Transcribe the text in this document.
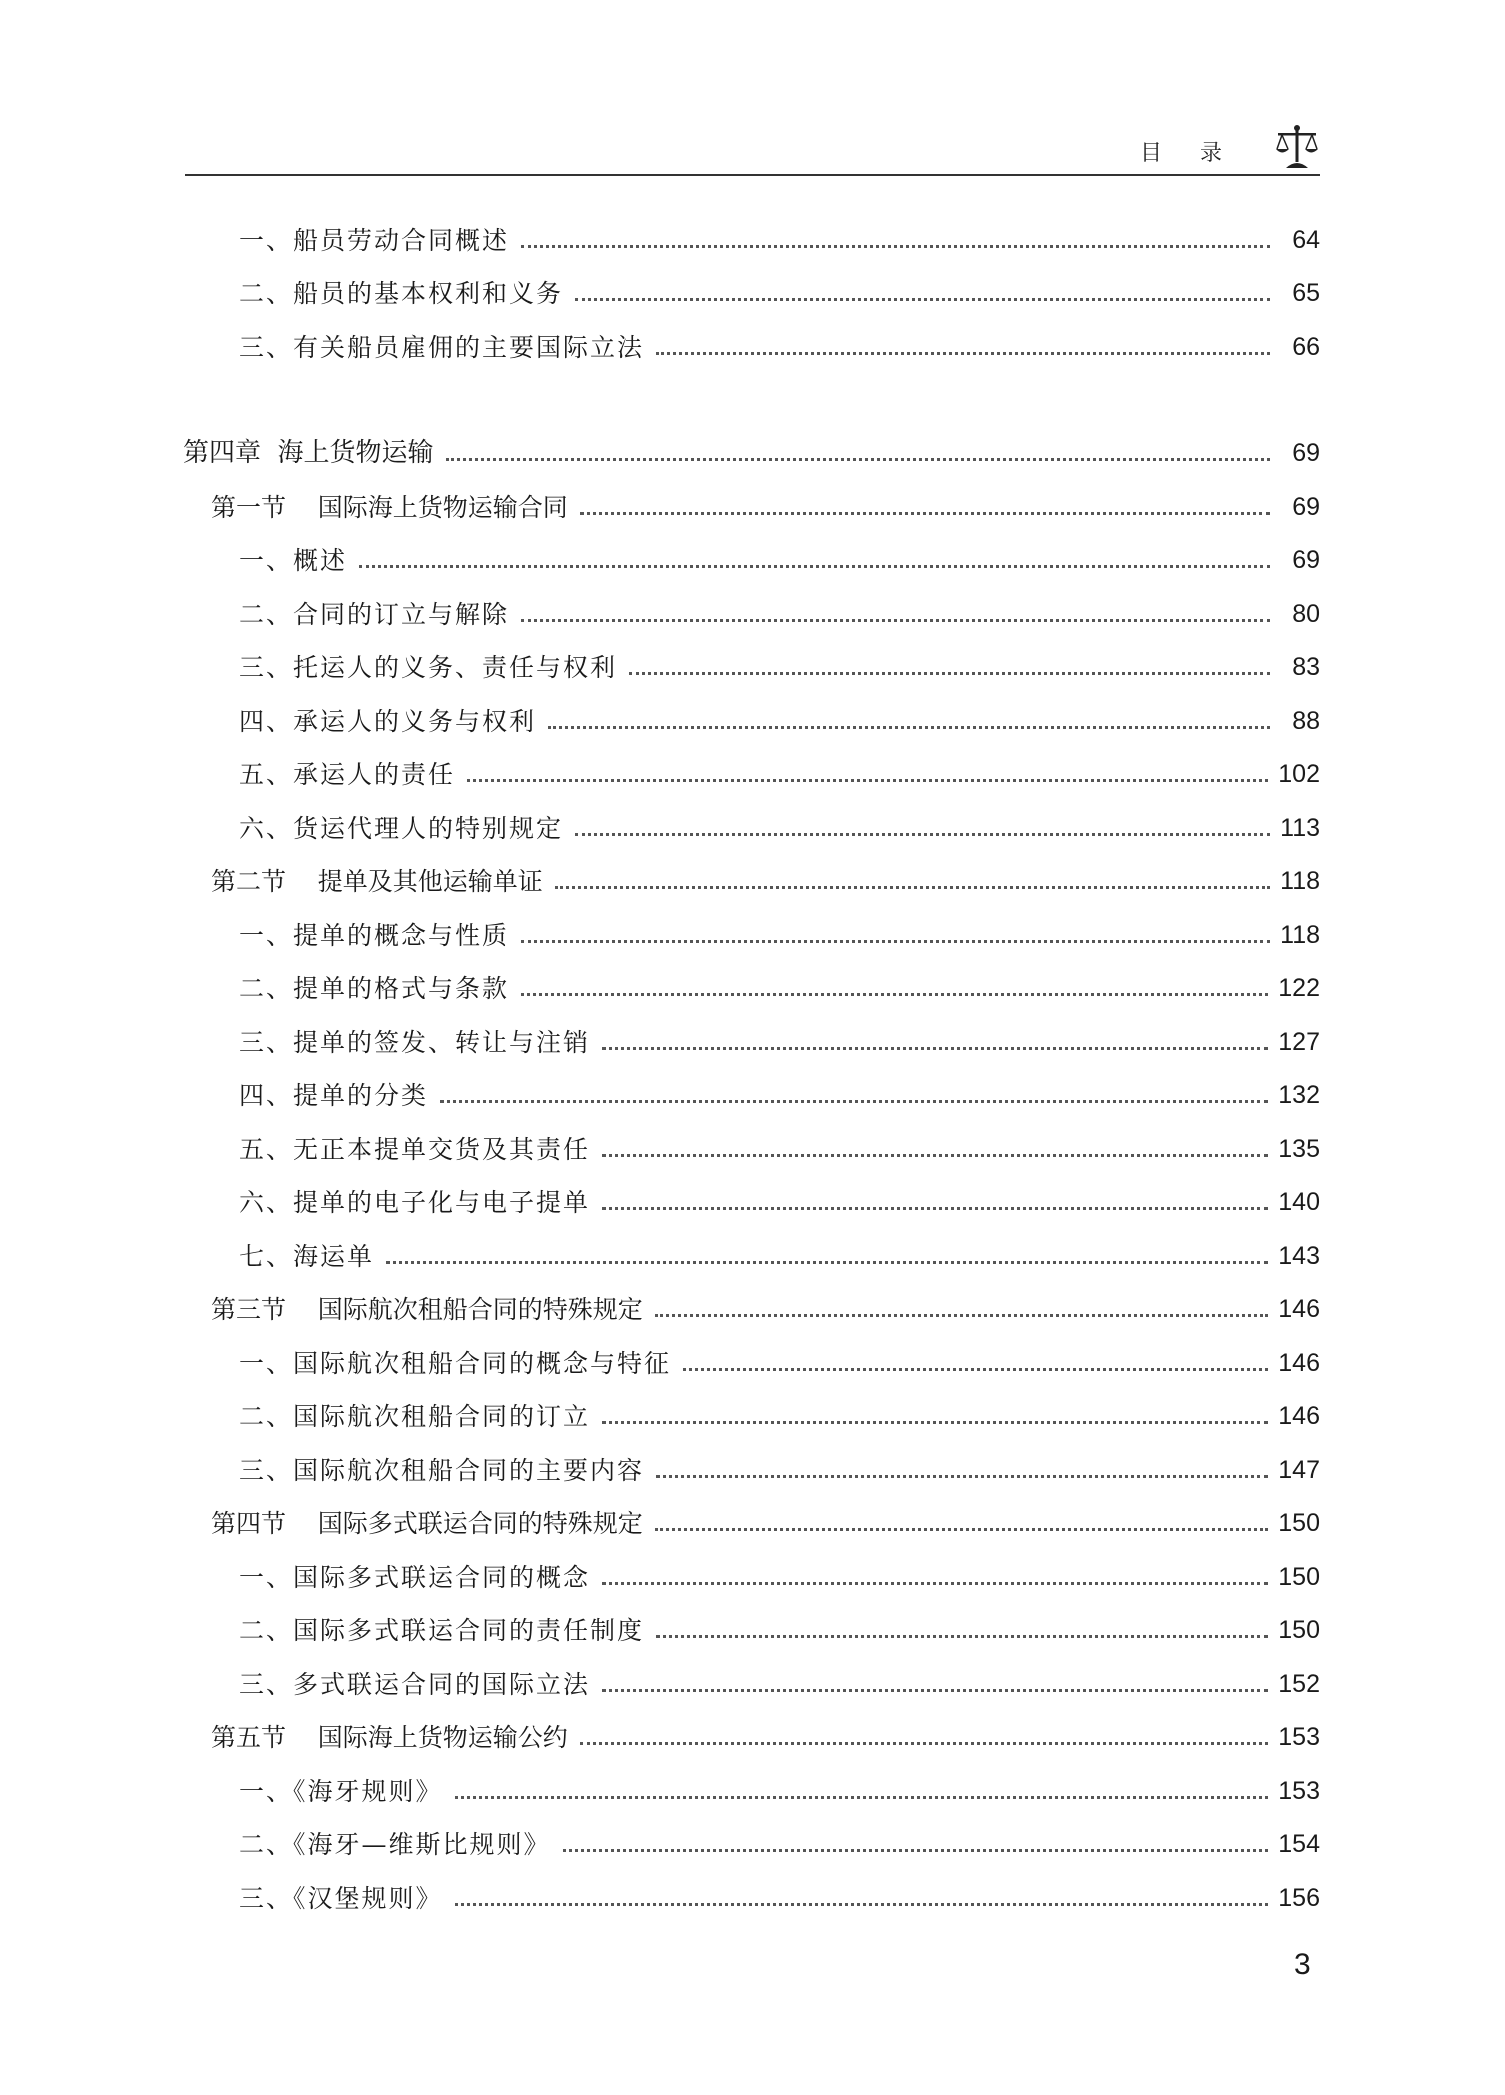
目录
一、船员劳动合同概述	64
二、船员的基本权利和义务	65
三、有关船员雇佣的主要国际立法	66
第四章  海上货物运输	69
第一节    国际海上货物运输合同	69
一、概述	69
二、合同的订立与解除	80
三、托运人的义务、责任与权利	83
四、承运人的义务与权利	88
五、承运人的责任	102
六、货运代理人的特别规定	113
第二节    提单及其他运输单证	118
一、提单的概念与性质	118
二、提单的格式与条款	122
三、提单的签发、转让与注销	127
四、提单的分类	132
五、无正本提单交货及其责任	135
六、提单的电子化与电子提单	140
七、海运单	143
第三节    国际航次租船合同的特殊规定	146
一、国际航次租船合同的概念与特征	146
二、国际航次租船合同的订立	146
三、国际航次租船合同的主要内容	147
第四节    国际多式联运合同的特殊规定	150
一、国际多式联运合同的概念	150
二、国际多式联运合同的责任制度	150
三、多式联运合同的国际立法	152
第五节    国际海上货物运输公约	153
一、《海牙规则》	153
二、《海牙—维斯比规则》	154
三、《汉堡规则》	156
3
